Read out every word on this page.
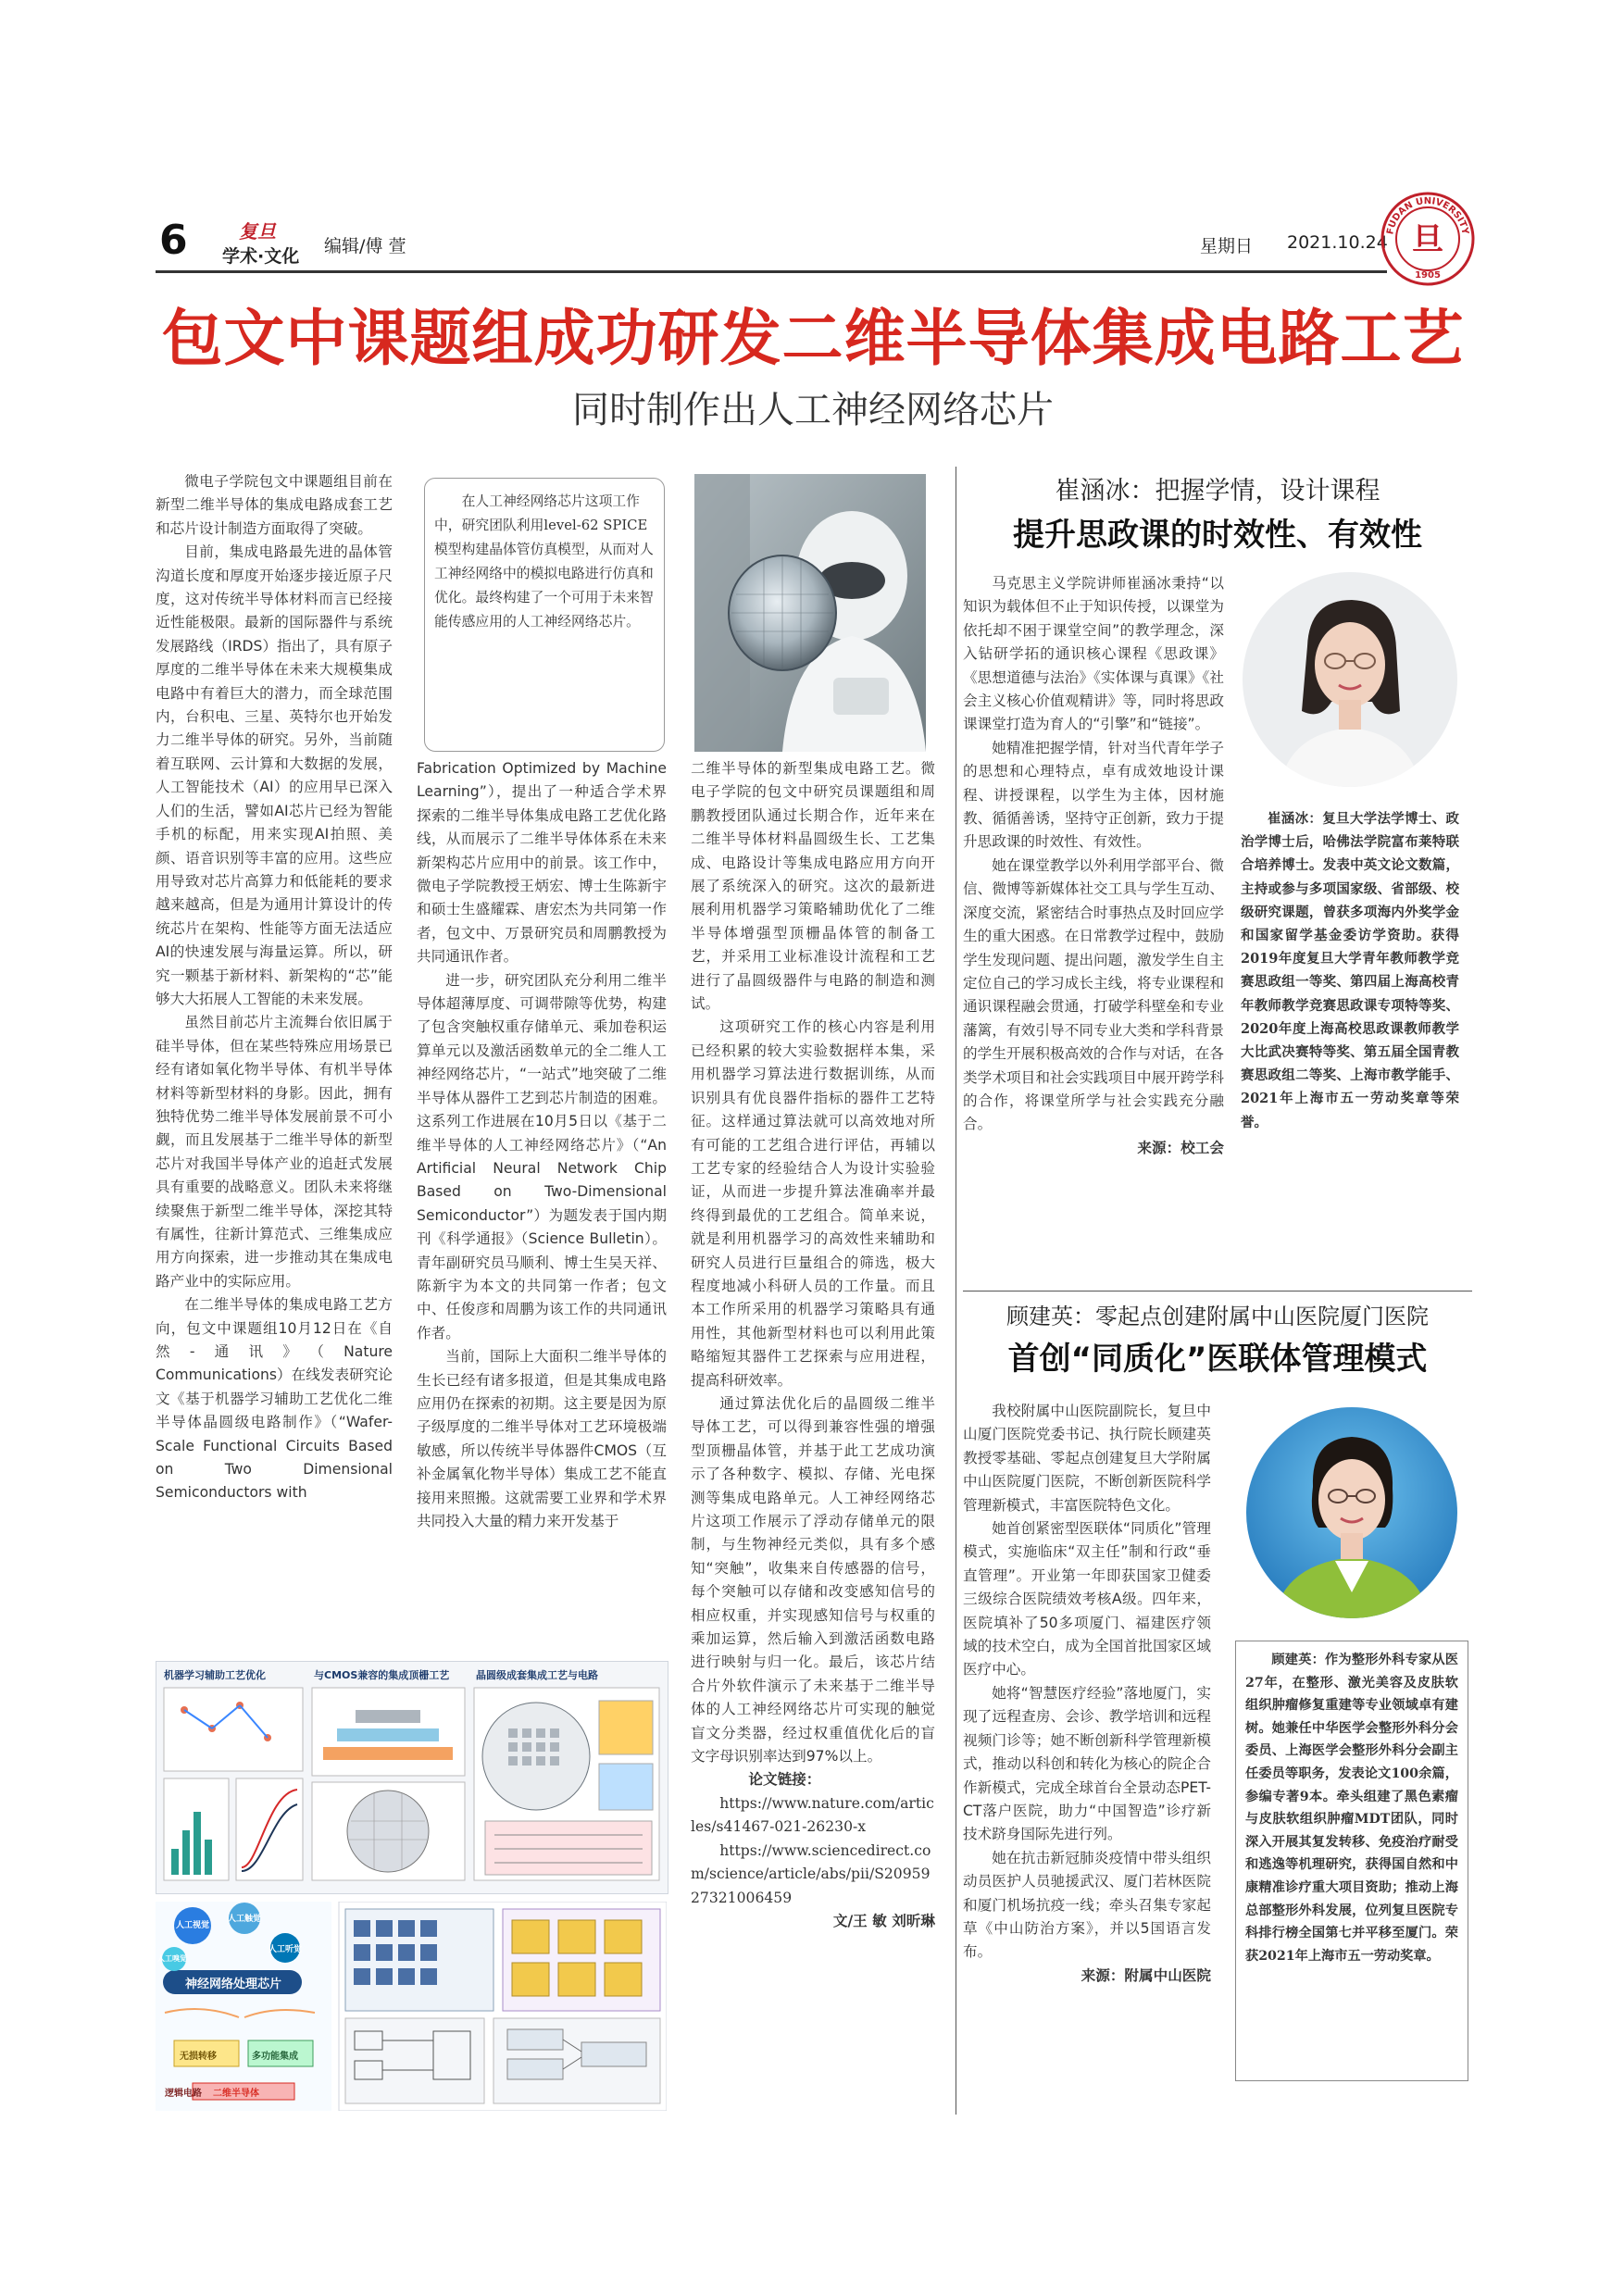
6	复旦
学术·文化 编辑/傅 萱	星期日 2021.10.24
FUDAN UNIVERSITY
旦
1905
包文中课题组成功研发二维半导体集成电路工艺
同时制作出人工神经网络芯片

微电子学院包文中课题组目前在新型二维半导体的集成电路成套工艺和芯片设计制造方面取得了突破。

目前，集成电路最先进的晶体管沟道长度和厚度开始逐步接近原子尺度，这对传统半导体材料而言已经接近性能极限。最新的国际器件与系统发展路线（IRDS）指出了，具有原子厚度的二维半导体在未来大规模集成电路中有着巨大的潜力，而全球范围内，台积电、三星、英特尔也开始发力二维半导体的研究。另外，当前随着互联网、云计算和大数据的发展，人工智能技术（AI）的应用早已深入人们的生活，譬如AI芯片已经为智能手机的标配，用来实现AI拍照、美颜、语音识别等丰富的应用。这些应用导致对芯片高算力和低能耗的要求越来越高，但是为通用计算设计的传统芯片在架构、性能等方面无法适应AI的快速发展与海量运算。所以，研究一颗基于新材料、新架构的“芯”能够大大拓展人工智能的未来发展。

虽然目前芯片主流舞台依旧属于硅半导体，但在某些特殊应用场景已经有诸如氧化物半导体、有机半导体材料等新型材料的身影。因此，拥有独特优势二维半导体发展前景不可小觑，而且发展基于二维半导体的新型芯片对我国半导体产业的追赶式发展具有重要的战略意义。团队未来将继续聚焦于新型二维半导体，深挖其特有属性，往新计算范式、三维集成应用方向探索，进一步推动其在集成电路产业中的实际应用。

在二维半导体的集成电路工艺方向，包文中课题组10月12日在《自然-通讯》（Nature Communications）在线发表研究论文《基于机器学习辅助工艺优化二维半导体晶圆级电路制作》（“Wafer-Scale Functional Circuits Based on Two Dimensional Semiconductors with

在人工神经网络芯片这项工作中，研究团队利用level-62 SPICE模型构建晶体管仿真模型，从而对人工神经网络中的模拟电路进行仿真和优化。最终构建了一个可用于未来智能传感应用的人工神经网络芯片。

Fabrication Optimized by Machine Learning”），提出了一种适合学术界探索的二维半导体集成电路工艺优化路线，从而展示了二维半导体体系在未来新架构芯片应用中的前景。该工作中，微电子学院教授王炳宏、博士生陈新宇和硕士生盛耀霖、唐宏杰为共同第一作者，包文中、万景研究员和周鹏教授为共同通讯作者。

进一步，研究团队充分利用二维半导体超薄厚度、可调带隙等优势，构建了包含突触权重存储单元、乘加卷积运算单元以及激活函数单元的全二维人工神经网络芯片，“一站式”地突破了二维半导体从器件工艺到芯片制造的困难。这系列工作进展在10月5日以《基于二维半导体的人工神经网络芯片》（“An Artificial Neural Network Chip Based on Two-Dimensional Semiconductor”）为题发表于国内期刊《科学通报》（Science Bulletin）。青年副研究员马顺利、博士生吴天祥、陈新宇为本文的共同第一作者；包文中、任俊彦和周鹏为该工作的共同通讯作者。

当前，国际上大面积二维半导体的生长已经有诸多报道，但是其集成电路应用仍在探索的初期。这主要是因为原子级厚度的二维半导体对工艺环境极端敏感，所以传统半导体器件CMOS（互补金属氧化物半导体）集成工艺不能直接用来照搬。这就需要工业界和学术界共同投入大量的精力来开发基于

二维半导体的新型集成电路工艺。微电子学院的包文中研究员课题组和周鹏教授团队通过长期合作，近年来在二维半导体材料晶圆级生长、工艺集成、电路设计等集成电路应用方向开展了系统深入的研究。这次的最新进展利用机器学习策略辅助优化了二维半导体增强型顶栅晶体管的制备工艺，并采用工业标准设计流程和工艺进行了晶圆级器件与电路的制造和测试。

这项研究工作的核心内容是利用已经积累的较大实验数据样本集，采用机器学习算法进行数据训练，从而识别具有优良器件指标的器件工艺特征。这样通过算法就可以高效地对所有可能的工艺组合进行评估，再辅以工艺专家的经验结合人为设计实验验证，从而进一步提升算法准确率并最终得到最优的工艺组合。简单来说，就是利用机器学习的高效性来辅助和研究人员进行巨量组合的筛选，极大程度地减小科研人员的工作量。而且本工作所采用的机器学习策略具有通用性，其他新型材料也可以利用此策略缩短其器件工艺探索与应用进程，提高科研效率。

通过算法优化后的晶圆级二维半导体工艺，可以得到兼容性强的增强型顶栅晶体管，并基于此工艺成功演示了各种数字、模拟、存储、光电探测等集成电路单元。人工神经网络芯片这项工作展示了浮动存储单元的限制，与生物神经元类似，具有多个感知“突触”，收集来自传感器的信号，每个突触可以存储和改变感知信号的相应权重，并实现感知信号与权重的乘加运算，然后输入到激活函数电路进行映射与归一化。最后，该芯片结合片外软件演示了未来基于二维半导体的人工神经网络芯片可实现的触觉盲文分类器，经过权重值优化后的盲文字母识别率达到97%以上。

论文链接：

https://www.nature.com/articles/s41467-021-26230-x

https://www.sciencedirect.com/science/article/abs/pii/S2095927321006459

文/王 敏 刘昕琳

机器学习辅助工艺优化	与CMOS兼容的集成顶栅工艺	晶圆级成套集成工艺与电路
神经网络处理芯片
人工视觉
人工触觉
人工嗅觉
人工听觉
无损转移	多功能集成
逻辑电路 二维半导体
崔涵冰：把握学情，设计课程
提升思政课的时效性、有效性

马克思主义学院讲师崔涵冰秉持“以知识为载体但不止于知识传授，以课堂为依托却不困于课堂空间”的教学理念，深入钻研学拓的通识核心课程《思政课》《思想道德与法治》《实体课与真课》《社会主义核心价值观精讲》等，同时将思政课课堂打造为育人的“引擎”和“链接”。

她精准把握学情，针对当代青年学子的思想和心理特点，卓有成效地设计课程、讲授课程，以学生为主体，因材施教、循循善诱，坚持守正创新，致力于提升思政课的时效性、有效性。

她在课堂教学以外利用学部平台、微信、微博等新媒体社交工具与学生互动、深度交流，紧密结合时事热点及时回应学生的重大困惑。在日常教学过程中，鼓励学生发现问题、提出问题，激发学生自主定位自己的学习成长主线，将专业课程和通识课程融会贯通，打破学科壁垒和专业藩篱，有效引导不同专业大类和学科背景的学生开展积极高效的合作与对话，在各类学术项目和社会实践项目中展开跨学科的合作，将课堂所学与社会实践充分融合。

来源：校工会

崔涵冰：复旦大学法学博士、政治学博士后，哈佛法学院富布莱特联合培养博士。发表中英文论文数篇，主持或参与多项国家级、省部级、校级研究课题，曾获多项海内外奖学金和国家留学基金委访学资助。获得2019年度复旦大学青年教师教学竞赛思政组一等奖、第四届上海高校青年教师教学竞赛思政课专项特等奖、2020年度上海高校思政课教师教学大比武决赛特等奖、第五届全国青教赛思政组二等奖、上海市教学能手、2021年上海市五一劳动奖章等荣誉。
顾建英：零起点创建附属中山医院厦门医院
首创“同质化”医联体管理模式

我校附属中山医院副院长，复旦中山厦门医院党委书记、执行院长顾建英教授零基础、零起点创建复旦大学附属中山医院厦门医院，不断创新医院科学管理新模式，丰富医院特色文化。

她首创紧密型医联体“同质化”管理模式，实施临床“双主任”制和行政“垂直管理”。开业第一年即获国家卫健委三级综合医院绩效考核A级。四年来，医院填补了50多项厦门、福建医疗领域的技术空白，成为全国首批国家区域医疗中心。

她将“智慧医疗经验”落地厦门，实现了远程查房、会诊、教学培训和远程视频门诊等；她不断创新科学管理新模式，推动以科创和转化为核心的院企合作新模式，完成全球首台全景动态PET-CT落户医院，助力“中国智造”诊疗新技术跻身国际先进行列。

她在抗击新冠肺炎疫情中带头组织动员医护人员驰援武汉、厦门若林医院和厦门机场抗疫一线；牵头召集专家起草《中山防治方案》，并以5国语言发布。

来源：附属中山医院

顾建英：作为整形外科专家从医27年，在整形、激光美容及皮肤软组织肿瘤修复重建等专业领域卓有建树。她兼任中华医学会整形外科分会委员、上海医学会整形外科分会副主任委员等职务，发表论文100余篇，参编专著9本。牵头组建了黑色素瘤与皮肤软组织肿瘤MDT团队，同时深入开展其复发转移、免疫治疗耐受和逃逸等机理研究，获得国自然和中康精准诊疗重大项目资助；推动上海总部整形外科发展，位列复旦医院专科排行榜全国第七并平移至厦门。荣获2021年上海市五一劳动奖章。
